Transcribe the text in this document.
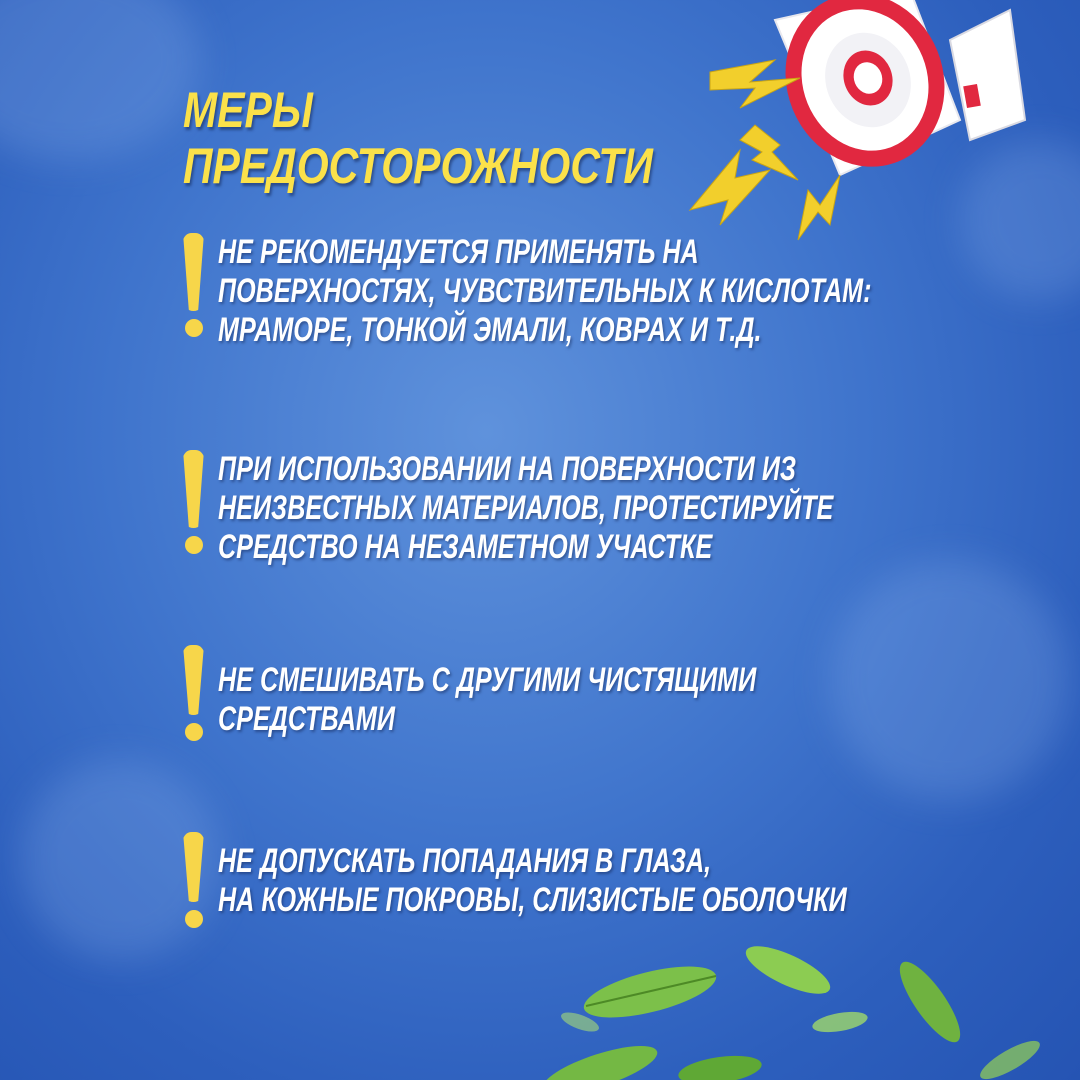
МЕРЫ
ПРЕДОСТОРОЖНОСТИ
НЕ РЕКОМЕНДУЕТСЯ ПРИМЕНЯТЬ НА
ПОВЕРХНОСТЯХ, ЧУВСТВИТЕЛЬНЫХ К КИСЛОТАМ:
МРАМОРЕ, ТОНКОЙ ЭМАЛИ, КОВРАХ И Т.Д.
ПРИ ИСПОЛЬЗОВАНИИ НА ПОВЕРХНОСТИ ИЗ
НЕИЗВЕСТНЫХ МАТЕРИАЛОВ, ПРОТЕСТИРУЙТЕ
СРЕДСТВО НА НЕЗАМЕТНОМ УЧАСТКЕ
НЕ СМЕШИВАТЬ С ДРУГИМИ ЧИСТЯЩИМИ
СРЕДСТВАМИ
НЕ ДОПУСКАТЬ ПОПАДАНИЯ В ГЛАЗА,
НА КОЖНЫЕ ПОКРОВЫ, СЛИЗИСТЫЕ ОБОЛОЧКИ
